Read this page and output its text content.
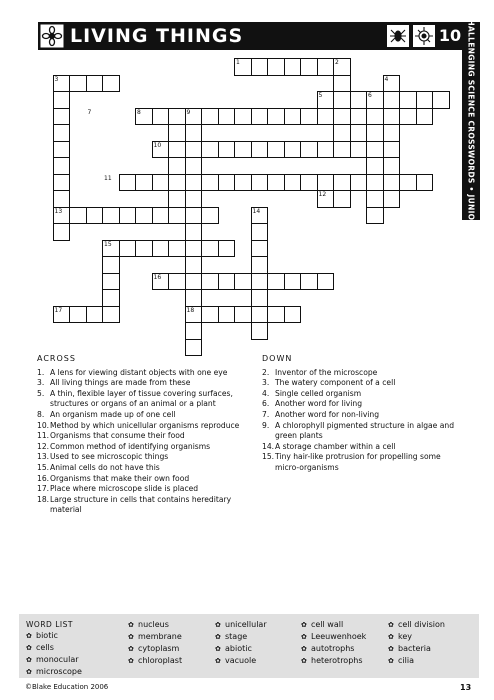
LIVING THINGS	10 CHALLENGING SCIENCE CROSSWORDS • JUNIOR
1	2
3	4
5	6
7	8	9
10
11
12
13	14
15
16
17	18
ACROSS
1. A lens for viewing distant objects with one eye
3. All living things are made from these
5. A thin, flexible layer of tissue covering surfaces, structures or organs of an animal or a plant
8. An organism made up of one cell
10. Method by which unicellular organisms reproduce
11. Organisms that consume their food
12. Common method of identifying organisms
13. Used to see microscopic things
15. Animal cells do not have this
16. Organisms that make their own food
17. Place where microscope slide is placed
18. Large structure in cells that contains hereditary material
DOWN
2. Inventor of the microscope
3. The watery component of a cell
4. Single celled organism
6. Another word for living
7. Another word for non-living
9. A chlorophyll pigmented structure in algae and green plants
14. A storage chamber within a cell
15. Tiny hair-like protrusion for propelling some micro-organisms
WORD LIST
✿ biotic
✿ cells
✿ monocular
✿ microscope
✿ nucleus
✿ membrane
✿ cytoplasm
✿ chloroplast
✿ unicellular
✿ stage
✿ abiotic
✿ vacuole
✿ cell wall
✿ Leeuwenhoek
✿ autotrophs
✿ heterotrophs
✿ cell division
✿ key
✿ bacteria
✿ cilia
©Blake Education 2006	13
